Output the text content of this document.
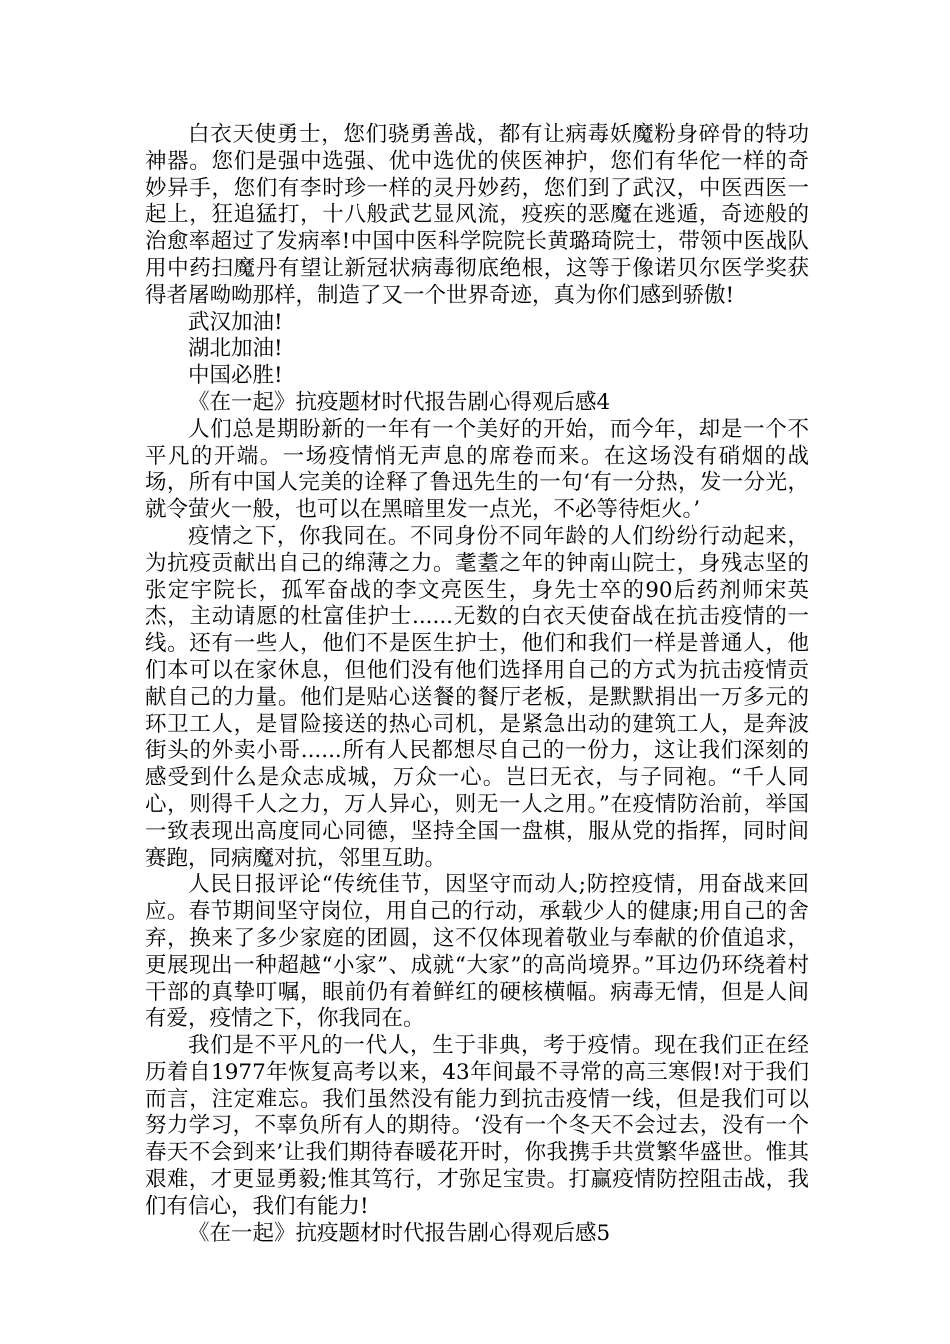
白衣天使勇士，您们骁勇善战，都有让病毒妖魔粉身碎骨的特功神器。您们是强中选强、优中选优的侠医神护，您们有华佗一样的奇妙异手，您们有李时珍一样的灵丹妙药，您们到了武汉，中医西医一起上，狂追猛打，十八般武艺显风流，疫疾的恶魔在逃遁，奇迹般的治愈率超过了发病率!中国中医科学院院长黄璐琦院士，带领中医战队用中药扫魔丹有望让新冠状病毒彻底绝根，这等于像诺贝尔医学奖获得者屠呦呦那样，制造了又一个世界奇迹，真为你们感到骄傲!

武汉加油!

湖北加油!

中国必胜!

《在一起》抗疫题材时代报告剧心得观后感4

人们总是期盼新的一年有一个美好的开始，而今年，却是一个不平凡的开端。一场疫情悄无声息的席卷而来。在这场没有硝烟的战场，所有中国人完美的诠释了鲁迅先生的一句‘有一分热，发一分光，就令萤火一般，也可以在黑暗里发一点光，不必等待炬火。’

疫情之下，你我同在。不同身份不同年龄的人们纷纷行动起来，为抗疫贡献出自己的绵薄之力。耄耋之年的钟南山院士，身残志坚的张定宇院长，孤军奋战的李文亮医生，身先士卒的90后药剂师宋英杰，主动请愿的杜富佳护士......无数的白衣天使奋战在抗击疫情的一线。还有一些人，他们不是医生护士，他们和我们一样是普通人，他们本可以在家休息，但他们没有他们选择用自己的方式为抗击疫情贡献自己的力量。他们是贴心送餐的餐厅老板，是默默捐出一万多元的环卫工人，是冒险接送的热心司机，是紧急出动的建筑工人，是奔波街头的外卖小哥......所有人民都想尽自己的一份力，这让我们深刻的感受到什么是众志成城，万众一心。岂曰无衣，与子同袍。“千人同心，则得千人之力，万人异心，则无一人之用。”在疫情防治前，举国一致表现出高度同心同德，坚持全国一盘棋，服从党的指挥，同时间赛跑，同病魔对抗，邻里互助。

人民日报评论“传统佳节，因坚守而动人;防控疫情，用奋战来回应。春节期间坚守岗位，用自己的行动，承载少人的健康;用自己的舍弃，换来了多少家庭的团圆，这不仅体现着敬业与奉献的价值追求，更展现出一种超越“小家”、成就“大家”的高尚境界。”耳边仍环绕着村干部的真挚叮嘱，眼前仍有着鲜红的硬核横幅。病毒无情，但是人间有爱，疫情之下，你我同在。

我们是不平凡的一代人，生于非典，考于疫情。现在我们正在经历着自1977年恢复高考以来，43年间最不寻常的高三寒假!对于我们而言，注定难忘。我们虽然没有能力到抗击疫情一线，但是我们可以努力学习，不辜负所有人的期待。‘没有一个冬天不会过去，没有一个春天不会到来’让我们期待春暖花开时，你我携手共赏繁华盛世。惟其艰难，才更显勇毅;惟其笃行，才弥足宝贵。打赢疫情防控阻击战，我们有信心，我们有能力!

《在一起》抗疫题材时代报告剧心得观后感5
